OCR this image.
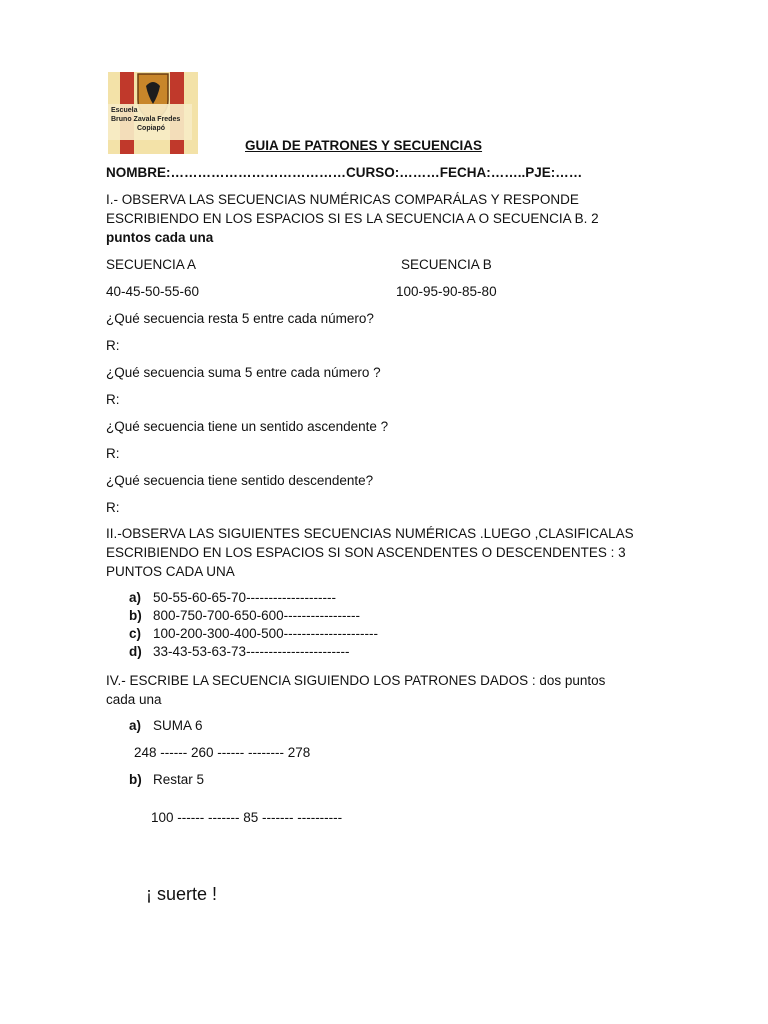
Escuela
Bruno Zavala Fredes
Copiapó
GUIA DE PATRONES Y SECUENCIAS
NOMBRE:…………………………………CURSO:………FECHA:……..PJE:……
I.- OBSERVA LAS SECUENCIAS NUMÉRICAS COMPARÁLAS Y RESPONDE
ESCRIBIENDO EN LOS ESPACIOS SI ES LA SECUENCIA A O SECUENCIA B. 2
puntos cada una
SECUENCIA A	SECUENCIA B
40-45-50-55-60	100-95-90-85-80
¿Qué secuencia resta 5 entre cada número?
R:
¿Qué secuencia suma 5 entre cada número ?
R:
¿Qué secuencia tiene un sentido ascendente ?
R:
¿Qué secuencia tiene sentido descendente?
R:
II.-OBSERVA LAS SIGUIENTES SECUENCIAS NUMÉRICAS .LUEGO ,CLASIFICALAS
ESCRIBIENDO EN LOS ESPACIOS SI SON ASCENDENTES O DESCENDENTES : 3
PUNTOS CADA UNA
a) 50-55-60-65-70--------------------
b) 800-750-700-650-600-----------------
c) 100-200-300-400-500---------------------
d) 33-43-53-63-73-----------------------
IV.- ESCRIBE LA SECUENCIA SIGUIENDO LOS PATRONES DADOS : dos puntos
cada una
a) SUMA 6
248 ------ 260 ------ -------- 278
b) Restar 5
100 ------ ------- 85 ------- ----------
¡ suerte !
